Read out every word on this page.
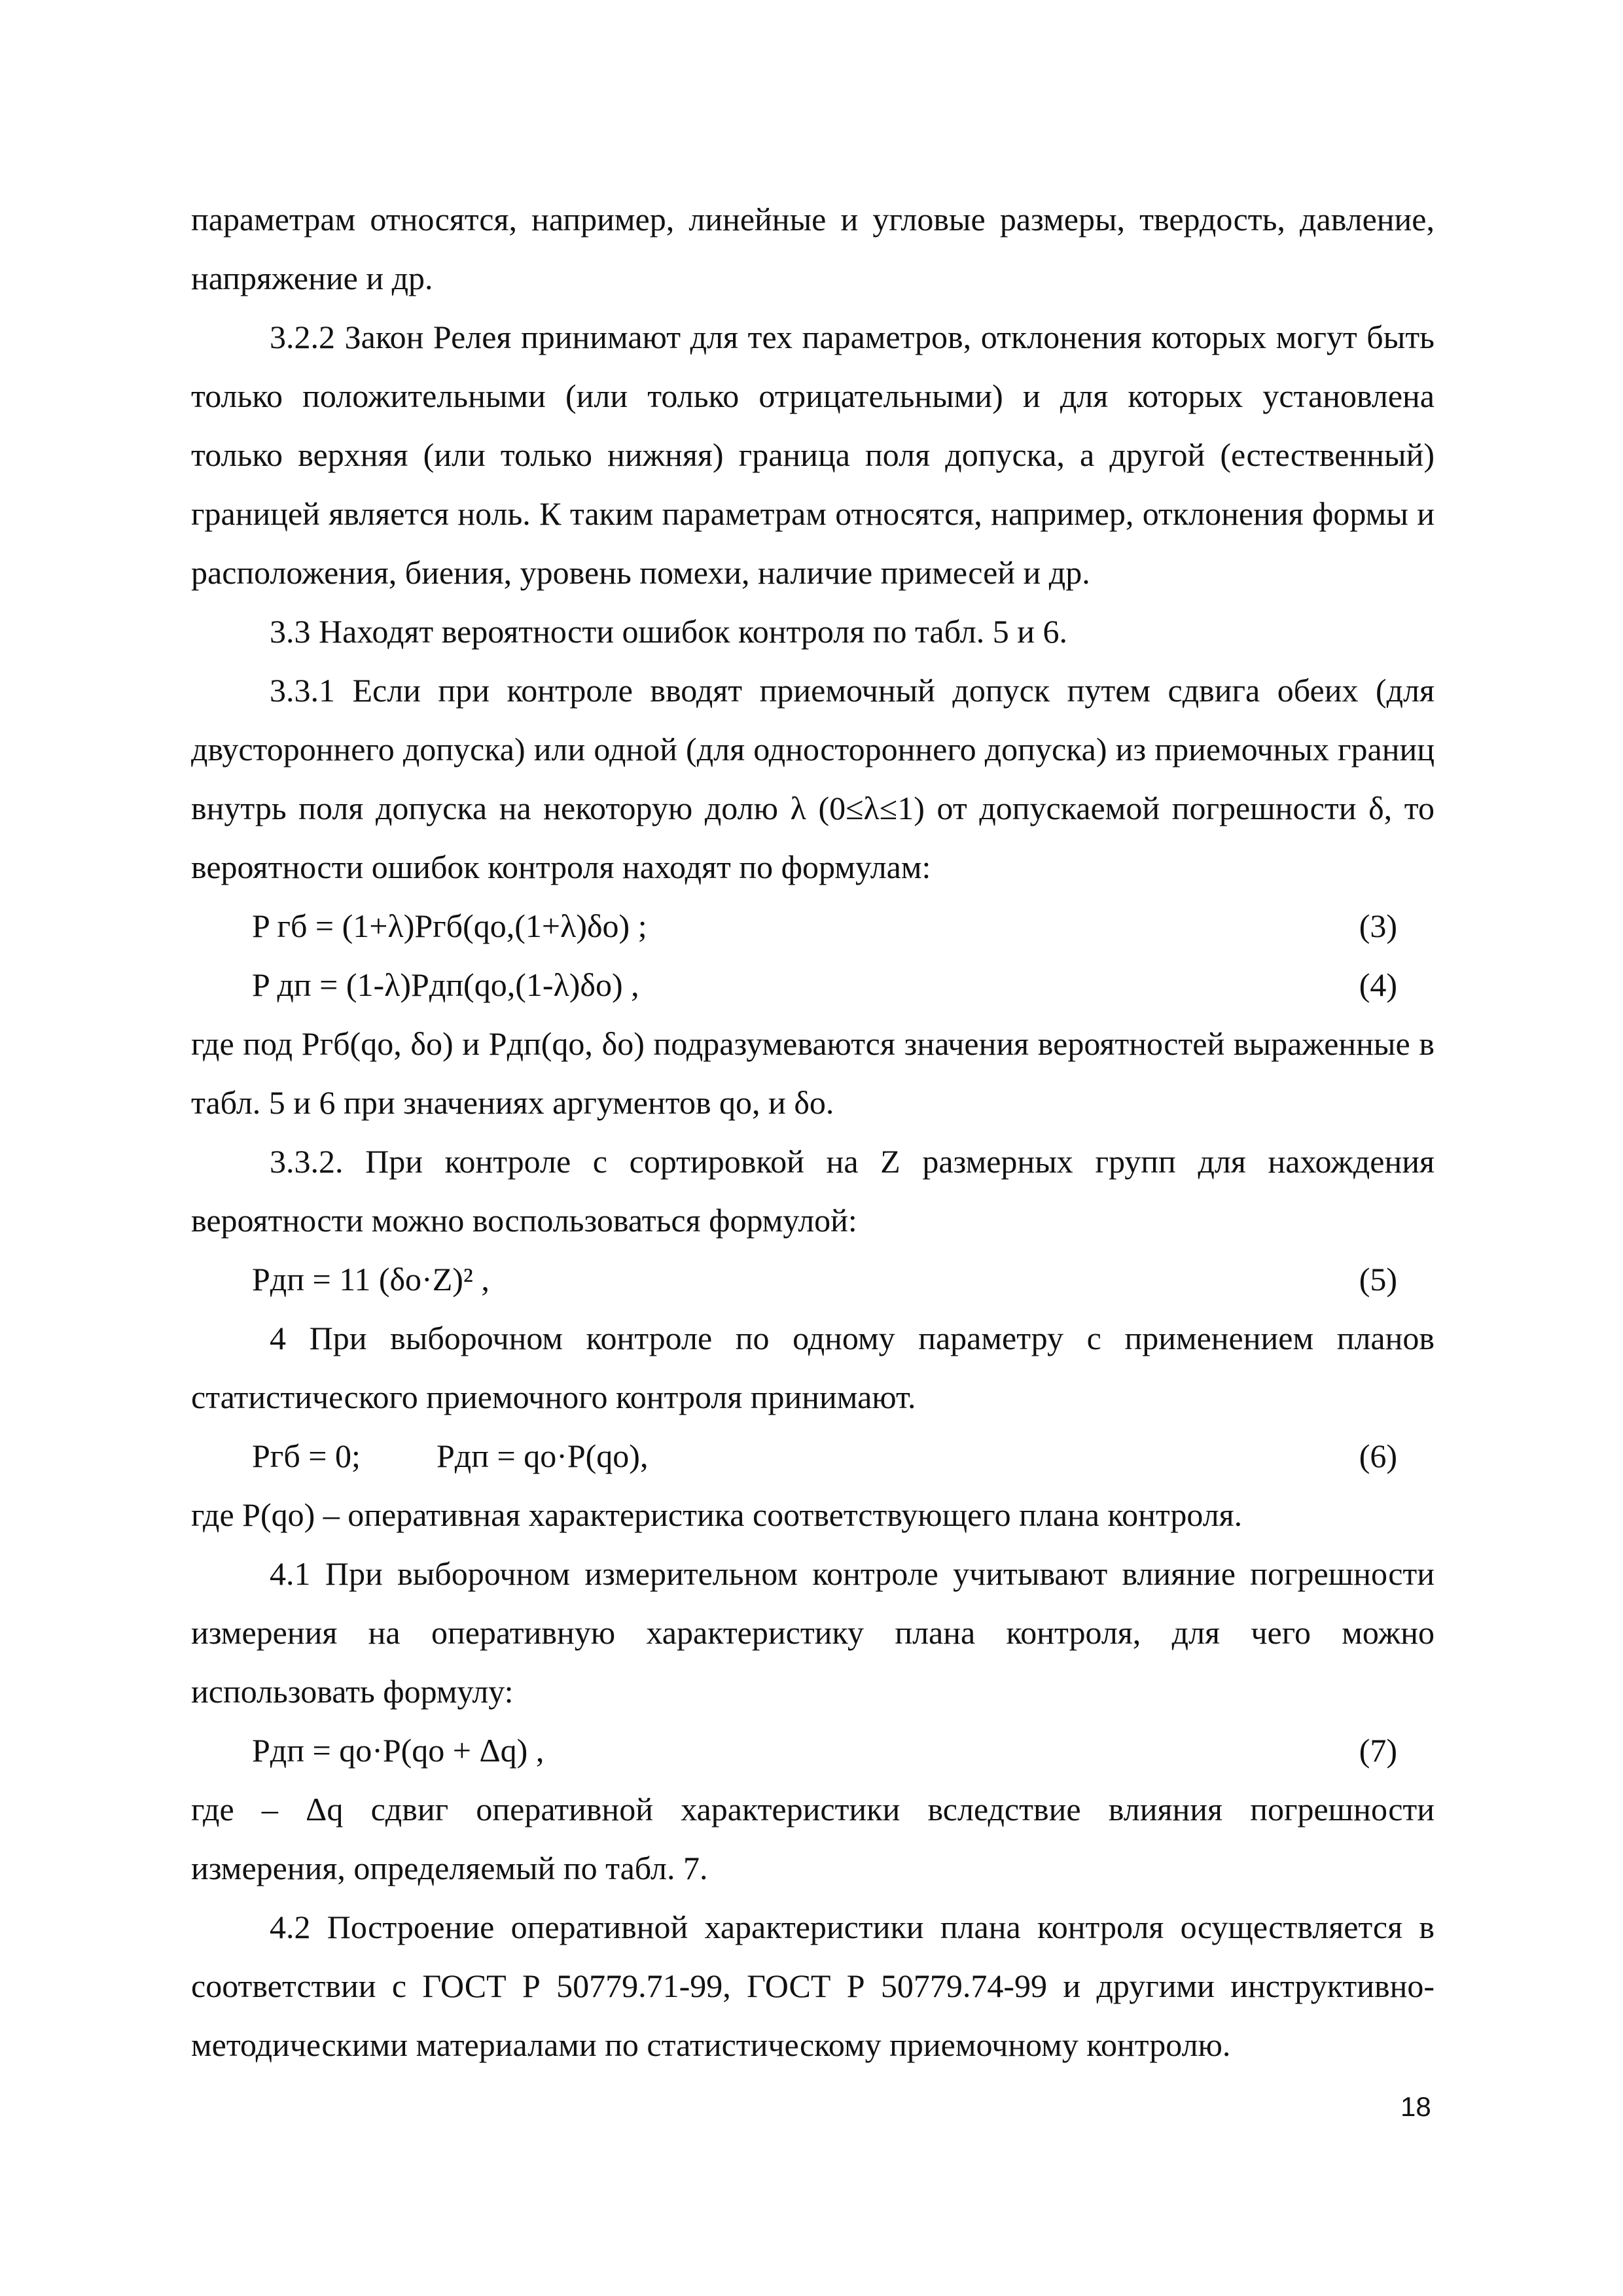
параметрам относятся, например, линейные и угловые размеры, твердость, давление, напряжение и др.

3.2.2 Закон Релея принимают для тех параметров, отклонения которых могут быть только положительными (или только отрицательными) и для которых установлена только верхняя (или только нижняя) граница поля допуска, а другой (естественный) границей является ноль. К таким параметрам относятся, например, отклонения формы и расположения, биения, уровень помехи, наличие примесей и др.

3.3 Находят вероятности ошибок контроля по табл. 5 и 6.

3.3.1 Если при контроле вводят приемочный допуск путем сдвига обеих (для двустороннего допуска) или одной (для одностороннего допуска) из приемочных границ внутрь поля допуска на некоторую долю λ (0≤λ≤1) от допускаемой погрешности δ, то вероятности ошибок контроля находят по формулам:

P гб = (1+λ)Pгб(qo,(1+λ)δo) ;	(3)
P дп = (1-λ)Pдп(qo,(1-λ)δo) ,	(4)

где под Pгб(qo, δo) и Pдп(qo, δo) подразумеваются значения вероятностей выраженные в табл. 5 и 6 при значениях аргументов qo, и δo.

3.3.2. При контроле с сортировкой на Z размерных групп для нахождения вероятности можно воспользоваться формулой:

Pдп = 11 (δo·Z)² ,	(5)

4 При выборочном контроле по одному параметру с применением планов статистического приемочного контроля принимают.

Pгб = 0; Pдп = qo·P(qo),	(6)

где P(qo) – оперативная характеристика соответствующего плана контроля.

4.1 При выборочном измерительном контроле учитывают влияние погрешности измерения на оперативную характеристику плана контроля, для чего можно использовать формулу:

Pдп = qo·P(qo + Δq) ,	(7)

где – Δq сдвиг оперативной характеристики вследствие влияния погрешности измерения, определяемый по табл. 7.

4.2 Построение оперативной характеристики плана контроля осуществляется в соответствии с ГОСТ Р 50779.71-99, ГОСТ Р 50779.74-99 и другими инструктивно-методическими материалами по статистическому приемочному контролю.

18
